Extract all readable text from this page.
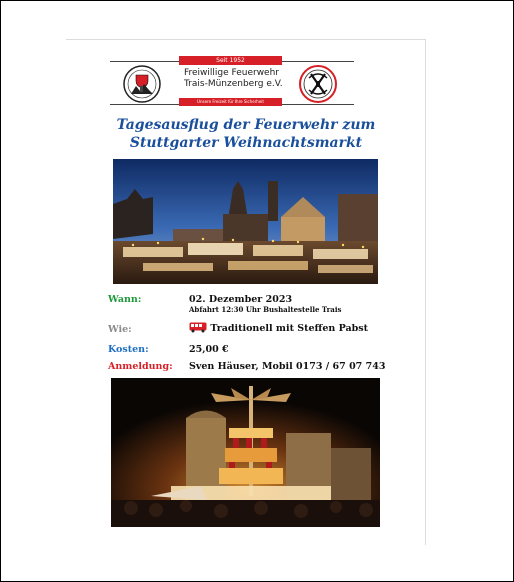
Seit 1952
Freiwillige Feuerwehr
Trais-Münzenberg e.V.
Unsere Freizeit für Ihre Sicherheit
Tagesausflug der Feuerwehr zum
Stuttgarter Weihnachtsmarkt
Wann:	02. Dezember 2023
Abfahrt 12:30 Uhr Bushaltestelle Trais
Wie:	Traditionell mit Steffen Pabst
Kosten:	25,00 €
Anmeldung: Sven Häuser, Mobil 0173 / 67 07 743
